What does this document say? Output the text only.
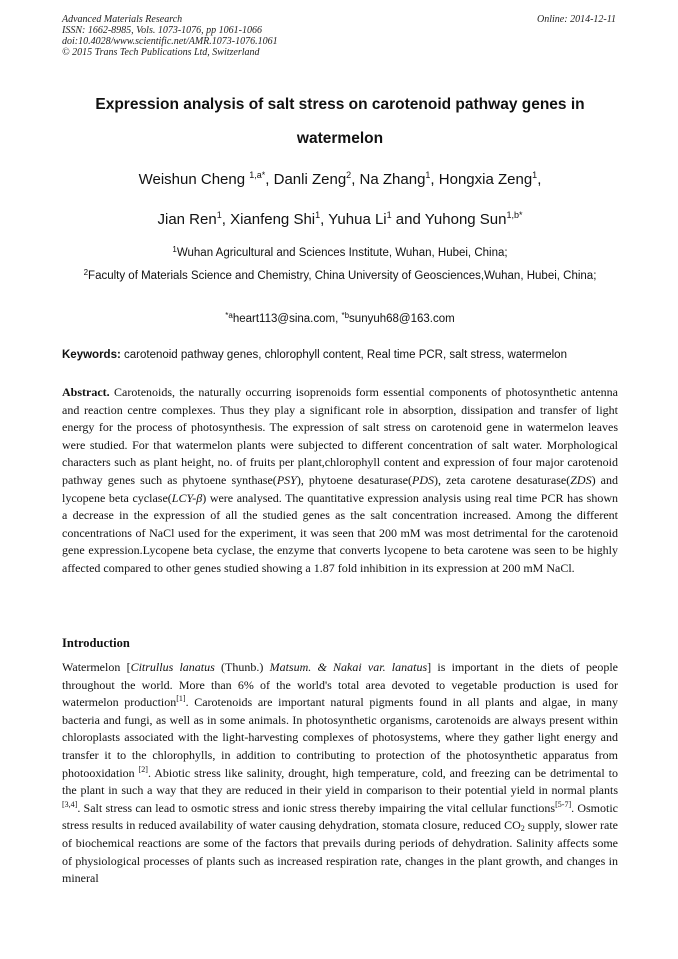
Advanced Materials Research
ISSN: 1662-8985, Vols. 1073-1076, pp 1061-1066
doi:10.4028/www.scientific.net/AMR.1073-1076.1061
© 2015 Trans Tech Publications Ltd, Switzerland
Online: 2014-12-11
Expression analysis of salt stress on carotenoid pathway genes in watermelon
Weishun Cheng $^{1,a*}$, Danli Zeng$^2$, Na Zhang$^1$, Hongxia Zeng$^1$,
Jian Ren$^1$, Xianfeng Shi$^1$, Yuhua Li$^1$ and Yuhong Sun$^{1,b*}$
$^1$Wuhan Agricultural and Sciences Institute, Wuhan, Hubei, China;
$^2$Faculty of Materials Science and Chemistry, China University of Geosciences,Wuhan, Hubei, China;
$^{*a}$heart113@sina.com, $^{*b}$sunyuh68@163.com
Keywords: carotenoid pathway genes, chlorophyll content, Real time PCR, salt stress, watermelon
Abstract. Carotenoids, the naturally occurring isoprenoids form essential components of photosynthetic antenna and reaction centre complexes. Thus they play a significant role in absorption, dissipation and transfer of light energy for the process of photosynthesis. The expression of salt stress on carotenoid gene in watermelon leaves were studied. For that watermelon plants were subjected to different concentration of salt water. Morphological characters such as plant height, no. of fruits per plant,chlorophyll content and expression of four major carotenoid pathway genes such as phytoene synthase(PSY), phytoene desaturase(PDS), zeta carotene desaturase(ZDS) and lycopene beta cyclase(LCY-β) were analysed. The quantitative expression analysis using real time PCR has shown a decrease in the expression of all the studied genes as the salt concentration increased. Among the different concentrations of NaCl used for the experiment, it was seen that 200 mM was most detrimental for the carotenoid gene expression.Lycopene beta cyclase, the enzyme that converts lycopene to beta carotene was seen to be highly affected compared to other genes studied showing a 1.87 fold inhibition in its expression at 200 mM NaCl.
Introduction
Watermelon [Citrullus lanatus (Thunb.) Matsum. & Nakai var. lanatus] is important in the diets of people throughout the world. More than 6% of the world's total area devoted to vegetable production is used for watermelon production[1]. Carotenoids are important natural pigments found in all plants and algae, in many bacteria and fungi, as well as in some animals. In photosynthetic organisms, carotenoids are always present within chloroplasts associated with the light-harvesting complexes of photosystems, where they gather light energy and transfer it to the chlorophylls, in addition to contributing to protection of the photosynthetic apparatus from photooxidation [2]. Abiotic stress like salinity, drought, high temperature, cold, and freezing can be detrimental to the plant in such a way that they are reduced in their yield in comparison to their potential yield in normal plants [3,4]. Salt stress can lead to osmotic stress and ionic stress thereby impairing the vital cellular functions[5-7]. Osmotic stress results in reduced availability of water causing dehydration, stomata closure, reduced $CO_2$ supply, slower rate of biochemical reactions are some of the factors that prevails during periods of dehydration. Salinity affects some of physiological processes of plants such as increased respiration rate, changes in the plant growth, and changes in mineral
